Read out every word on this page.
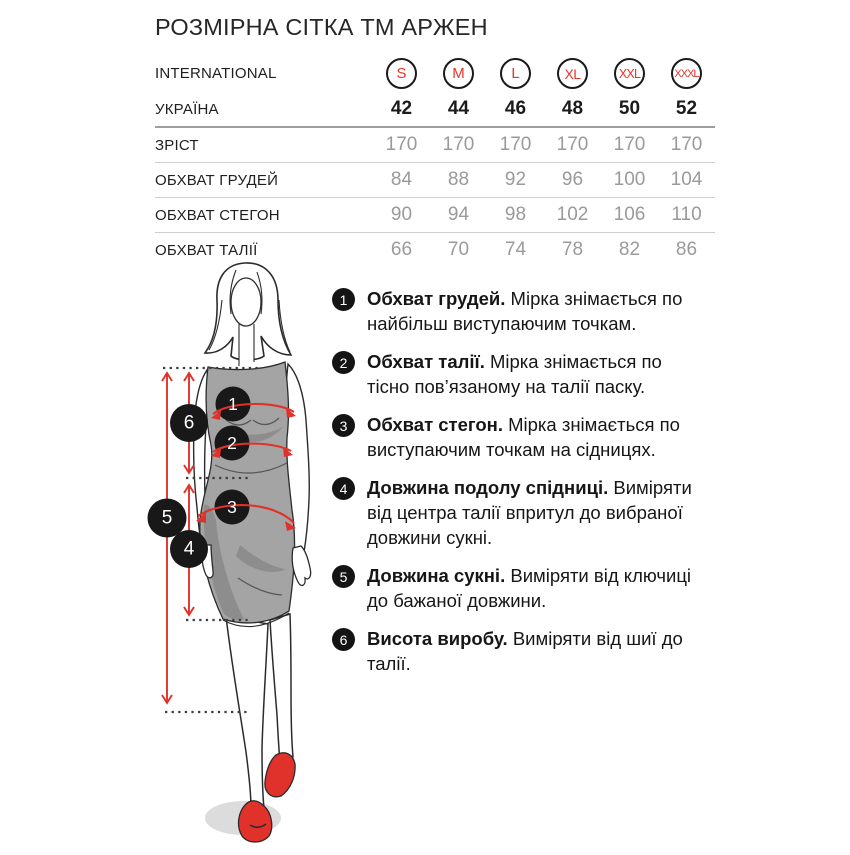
РОЗМІРНА СІТКА ТМ АРЖЕН
INTERNATIONAL	S	M	L	XL	XXL	XXXL
УКРАЇНА	42	44	46	48	50	52
ЗРІСТ	170	170	170	170	170	170
ОБХВАТ ГРУДЕЙ	84	88	92	96	100	104
ОБХВАТ СТЕГОН	90	94	98	102	106	110
ОБХВАТ ТАЛІЇ	66	70	74	78	82	86
1	Обхват грудей. Мірка знімається по найбільш виступаючим точкам.
2	Обхват талії. Мірка знімається по тісно пов’язаному на талії паску.
3	Обхват стегон. Мірка знімається по виступаючим точкам на сідницях.
4	Довжина подолу спідниці. Виміряти від центра талії впритул до вибраної довжини сукні.
5	Довжина сукні. Виміряти від ключиці до бажаної довжини.
6	Висота виробу. Виміряти від шиї до талії.
1
2
3
6
5
4
